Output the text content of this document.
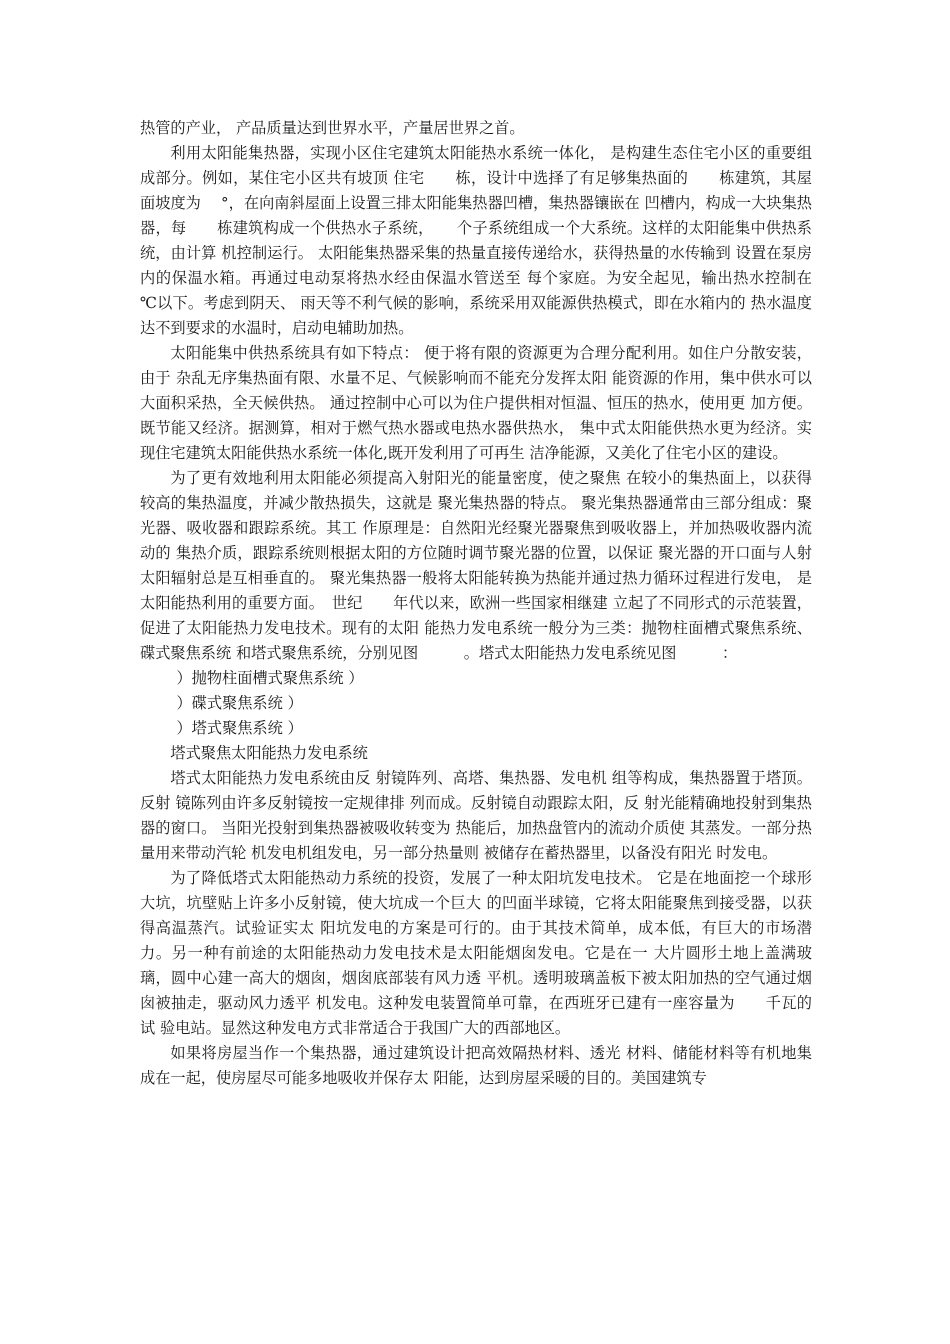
热管的产业， 产品质量达到世界水平，产量居世界之首。

利用太阳能集热器，实现小区住宅建筑太阳能热水系统一体化， 是构建生态住宅小区的重要组成部分。例如，某住宅小区共有坡顶 住宅　　栋，设计中选择了有足够集热面的　　栋建筑，其屋面坡度为　 °，在向南斜屋面上设置三排太阳能集热器凹槽，集热器镶嵌在 凹槽内，构成一大块集热器，每　　栋建筑构成一个供热水子系统，　　个子系统组成一个大系统。这样的太阳能集中供热系统，由计算 机控制运行。 太阳能集热器采集的热量直接传递给水，获得热量的水传输到 设置在泵房内的保温水箱。再通过电动泵将热水经由保温水管送至 每个家庭。为安全起见，输出热水控制在　 ℃以下。考虑到阴天、 雨天等不利气候的影响，系统采用双能源供热模式，即在水箱内的 热水温度达不到要求的水温时，启动电辅助加热。

太阳能集中供热系统具有如下特点： 便于将有限的资源更为合理分配利用。如住户分散安装，由于 杂乱无序集热面有限、水量不足、气候影响而不能充分发挥太阳 能资源的作用，集中供水可以大面积采热，全天候供热。 通过控制中心可以为住户提供相对恒温、恒压的热水，使用更 加方便。 既节能又经济。据测算，相对于燃气热水器或电热水器供热水， 集中式太阳能供热水更为经济。实现住宅建筑太阳能供热水系统一体化,既开发利用了可再生 洁净能源，又美化了住宅小区的建设。

为了更有效地利用太阳能必须提高入射阳光的能量密度，使之聚焦 在较小的集热面上，以获得较高的集热温度，并减少散热损失，这就是 聚光集热器的特点。 聚光集热器通常由三部分组成：聚光器、吸收器和跟踪系统。其工 作原理是：自然阳光经聚光器聚焦到吸收器上，并加热吸收器内流动的 集热介质，跟踪系统则根据太阳的方位随时调节聚光器的位置，以保证 聚光器的开口面与人射太阳辐射总是互相垂直的。 聚光集热器一般将太阳能转换为热能并通过热力循环过程进行发电， 是太阳能热利用的重要方面。　世纪　　年代以来，欧洲一些国家相继建 立起了不同形式的示范装置，促进了太阳能热力发电技术。现有的太阳 能热力发电系统一般分为三类：抛物柱面槽式聚焦系统、碟式聚焦系统 和塔式聚焦系统，分别见图　　　。塔式太阳能热力发电系统见图　　　：

）抛物柱面槽式聚焦系统 ）

）碟式聚焦系统 ）

）塔式聚焦系统 ）

塔式聚焦太阳能热力发电系统

塔式太阳能热力发电系统由反 射镜阵列、高塔、集热器、发电机 组等构成，集热器置于塔顶。反射 镜陈列由许多反射镜按一定规律排 列而成。反射镜自动跟踪太阳，反 射光能精确地投射到集热器的窗口。 当阳光投射到集热器被吸收转变为 热能后，加热盘管内的流动介质使 其蒸发。一部分热量用来带动汽轮 机发电机组发电，另一部分热量则 被储存在蓄热器里，以备没有阳光 时发电。

为了降低塔式太阳能热动力系统的投资，发展了一种太阳坑发电技术。 它是在地面挖一个球形大坑，坑壁贴上许多小反射镜，使大坑成一个巨大 的凹面半球镜，它将太阳能聚焦到接受器，以获得高温蒸汽。试验证实太 阳坑发电的方案是可行的。由于其技术简单，成本低，有巨大的市场潜力。另一种有前途的太阳能热动力发电技术是太阳能烟囱发电。它是在一 大片圆形土地上盖满玻璃，圆中心建一高大的烟囱，烟囱底部装有风力透 平机。透明玻璃盖板下被太阳加热的空气通过烟囱被抽走，驱动风力透平 机发电。这种发电装置简单可靠，在西班牙已建有一座容量为　　千瓦的试 验电站。显然这种发电方式非常适合于我国广大的西部地区。

如果将房屋当作一个集热器，通过建筑设计把高效隔热材料、透光 材料、储能材料等有机地集成在一起，使房屋尽可能多地吸收并保存太 阳能，达到房屋采暖的目的。美国建筑专
